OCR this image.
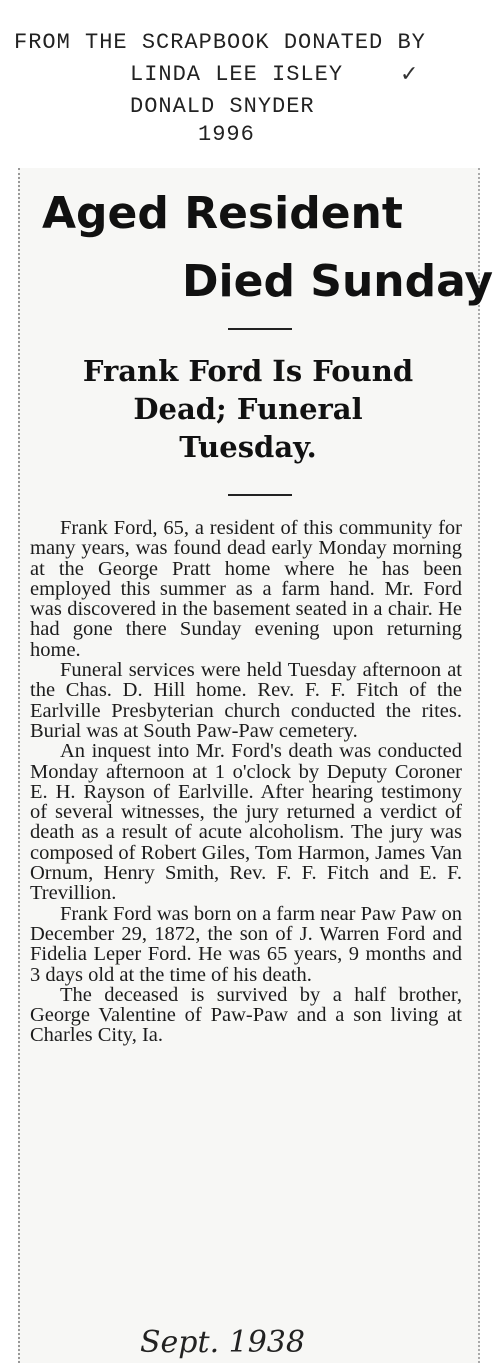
FROM THE SCRAPBOOK DONATED BY
LINDA LEE ISLEY
DONALD SNYDER
1996
✓
Aged Resident
Died Sunday
Frank Ford Is Found
Dead; Funeral
Tuesday.

Frank Ford, 65, a resident of this community for many years, was found dead early Monday morning at the George Pratt home where he has been employed this summer as a farm hand. Mr. Ford was discovered in the basement seated in a chair. He had gone there Sunday evening upon returning home.

Funeral services were held Tuesday afternoon at the Chas. D. Hill home. Rev. F. F. Fitch of the Earlville Presbyterian church conducted the rites. Burial was at South Paw-Paw cemetery.

An inquest into Mr. Ford's death was conducted Monday afternoon at 1 o'clock by Deputy Coroner E. H. Rayson of Earlville. After hearing testimony of several witnesses, the jury returned a verdict of death as a result of acute alcoholism. The jury was composed of Robert Giles, Tom Harmon, James Van Ornum, Henry Smith, Rev. F. F. Fitch and E. F. Trevillion.

Frank Ford was born on a farm near Paw Paw on December 29, 1872, the son of J. Warren Ford and Fidelia Leper Ford. He was 65 years, 9 months and 3 days old at the time of his death.

The deceased is survived by a half brother, George Valentine of Paw-Paw and a son living at Charles City, Ia.

Sept. 1938
